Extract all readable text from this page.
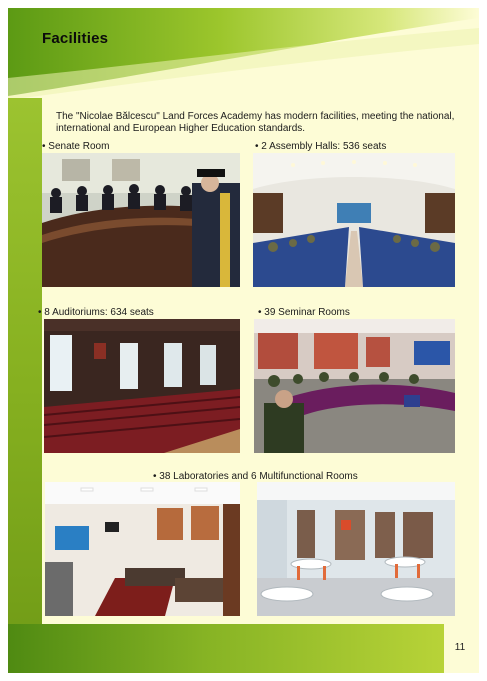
Facilities

The "Nicolae Bălcescu" Land Forces Academy has modern facilities, meeting the national, international and European Higher Education standards.

• Senate Room	• 2 Assembly Halls: 536 seats
• 8 Auditoriums: 634 seats	• 39 Seminar Rooms
• 38 Laboratories and 6 Multifunctional Rooms
11
